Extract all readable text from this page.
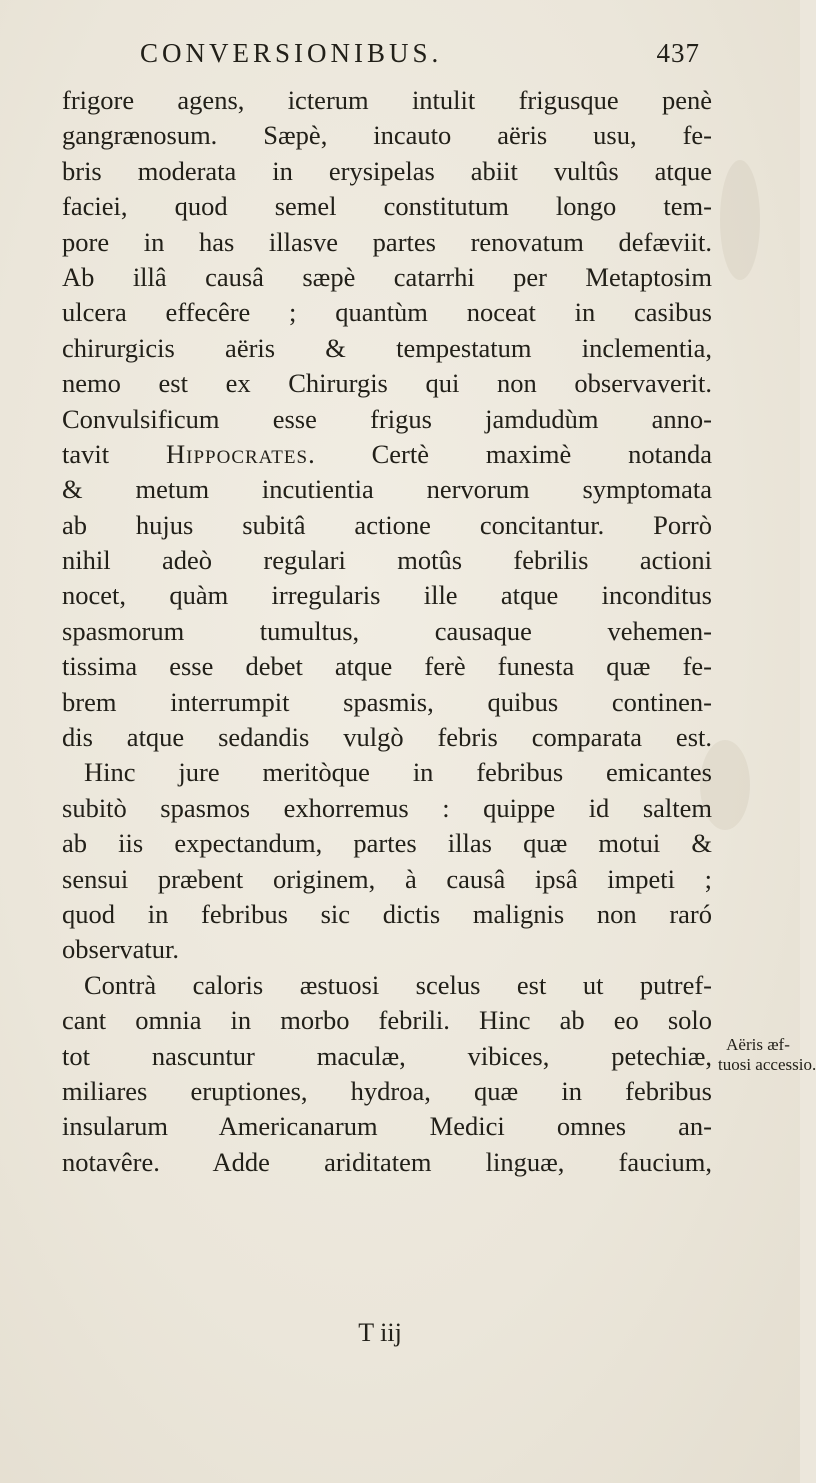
CONVERSIONIBUS.	437
frigore agens, icterum intulit frigusque penè
gangrænosum. Sæpè, incauto aëris usu, fe-
bris moderata in erysipelas abiit vultûs atque
faciei, quod semel constitutum longo tem-
pore in has illasve partes renovatum defæviit.
Ab illâ causâ sæpè catarrhi per Metaptosim
ulcera effecêre ; quantùm noceat in casibus
chirurgicis aëris & tempestatum inclementia,
nemo est ex Chirurgis qui non observaverit.
Convulsificum esse frigus jamdudùm anno-
tavit Hippocrates. Certè maximè notanda
& metum incutientia nervorum symptomata
ab hujus subitâ actione concitantur. Porrò
nihil adeò regulari motûs febrilis actioni
nocet, quàm irregularis ille atque inconditus
spasmorum tumultus, causaque vehemen-
tissima esse debet atque ferè funesta quæ fe-
brem interrumpit spasmis, quibus continen-
dis atque sedandis vulgò febris comparata est.
Hinc jure meritòque in febribus emicantes
subitò spasmos exhorremus : quippe id saltem
ab iis expectandum, partes illas quæ motui &
sensui præbent originem, à causâ ipsâ impeti ;
quod in febribus sic dictis malignis non raró
observatur.
Contrà caloris æstuosi scelus est ut putref-
cant omnia in morbo febrili. Hinc ab eo solo
tot nascuntur maculæ, vibices, petechiæ,
miliares eruptiones, hydroa, quæ in febribus
insularum Americanarum Medici omnes an-
notavêre. Adde ariditatem linguæ, faucium,
Aëris æf-
tuosi accessio.
T iij
